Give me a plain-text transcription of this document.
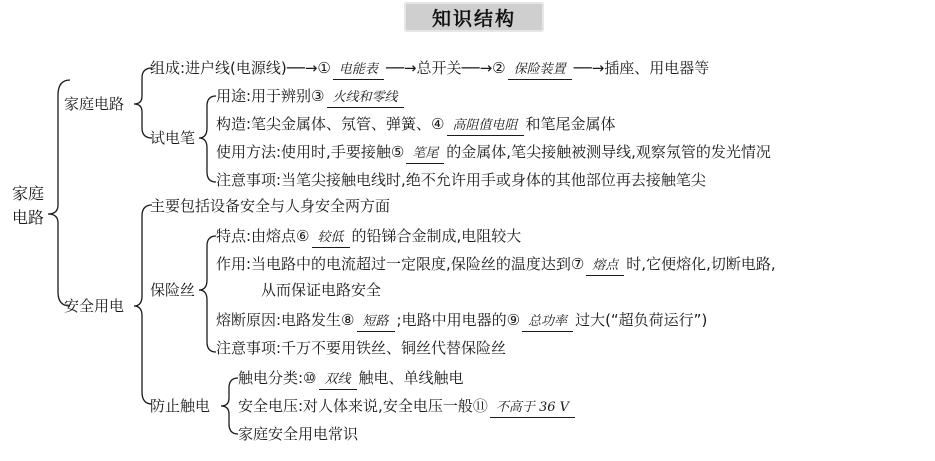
知识结构
家庭
电路
家庭电路
组成:进户线(电源线)──→① 电能表 ──→总开关──→② 保险装置 ──→插座、用电器等
试电笔
用途:用于辨别③ 火线和零线
构造:笔尖金属体、氖管、弹簧、④ 高阻值电阻 和笔尾金属体
使用方法:使用时,手要接触⑤ 笔尾 的金属体,笔尖接触被测导线,观察氖管的发光情况
注意事项:当笔尖接触电线时,绝不允许用手或身体的其他部位再去接触笔尖
安全用电
主要包括设备安全与人身安全两方面
保险丝
特点:由熔点⑥ 较低 的铅锑合金制成,电阻较大
作用:当电路中的电流超过一定限度,保险丝的温度达到⑦ 熔点 时,它便熔化,切断电路,
从而保证电路安全
熔断原因:电路发生⑧ 短路 ;电路中用电器的⑨ 总功率 过大(“超负荷运行”)
注意事项:千万不要用铁丝、铜丝代替保险丝
防止触电
触电分类:⑩ 双线 触电、单线触电
安全电压:对人体来说,安全电压一般⑪ 不高于 36 V
家庭安全用电常识
